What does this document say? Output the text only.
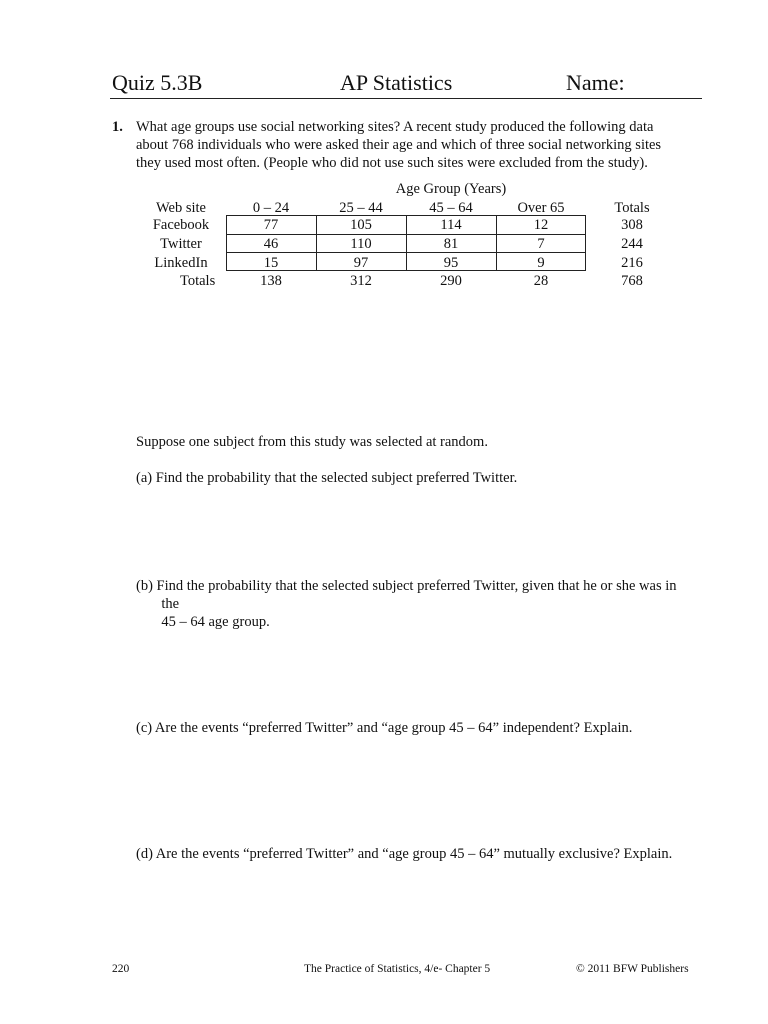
Quiz 5.3B	AP Statistics	Name:
1. What age groups use social networking sites? A recent study produced the following data
about 768 individuals who were asked their age and which of three social networking sites
they used most often. (People who did not use such sites were excluded from the study).
Age Group (Years)
Web site	0 – 24	25 – 44	45 – 64	Over 65	Totals
Facebook	77	105	114	12	308
Twitter	46	110	81	7	244
LinkedIn	15	97	95	9	216
Totals	138	312	290	28	768
Suppose one subject from this study was selected at random.
(a) Find the probability that the selected subject preferred Twitter.
(b) Find the probability that the selected subject preferred Twitter, given that he or she was in
the
45 – 64 age group.
(c) Are the events “preferred Twitter” and “age group 45 – 64” independent? Explain.
(d) Are the events “preferred Twitter” and “age group 45 – 64” mutually exclusive? Explain.
220	The Practice of Statistics, 4/e- Chapter 5	© 2011 BFW Publishers
